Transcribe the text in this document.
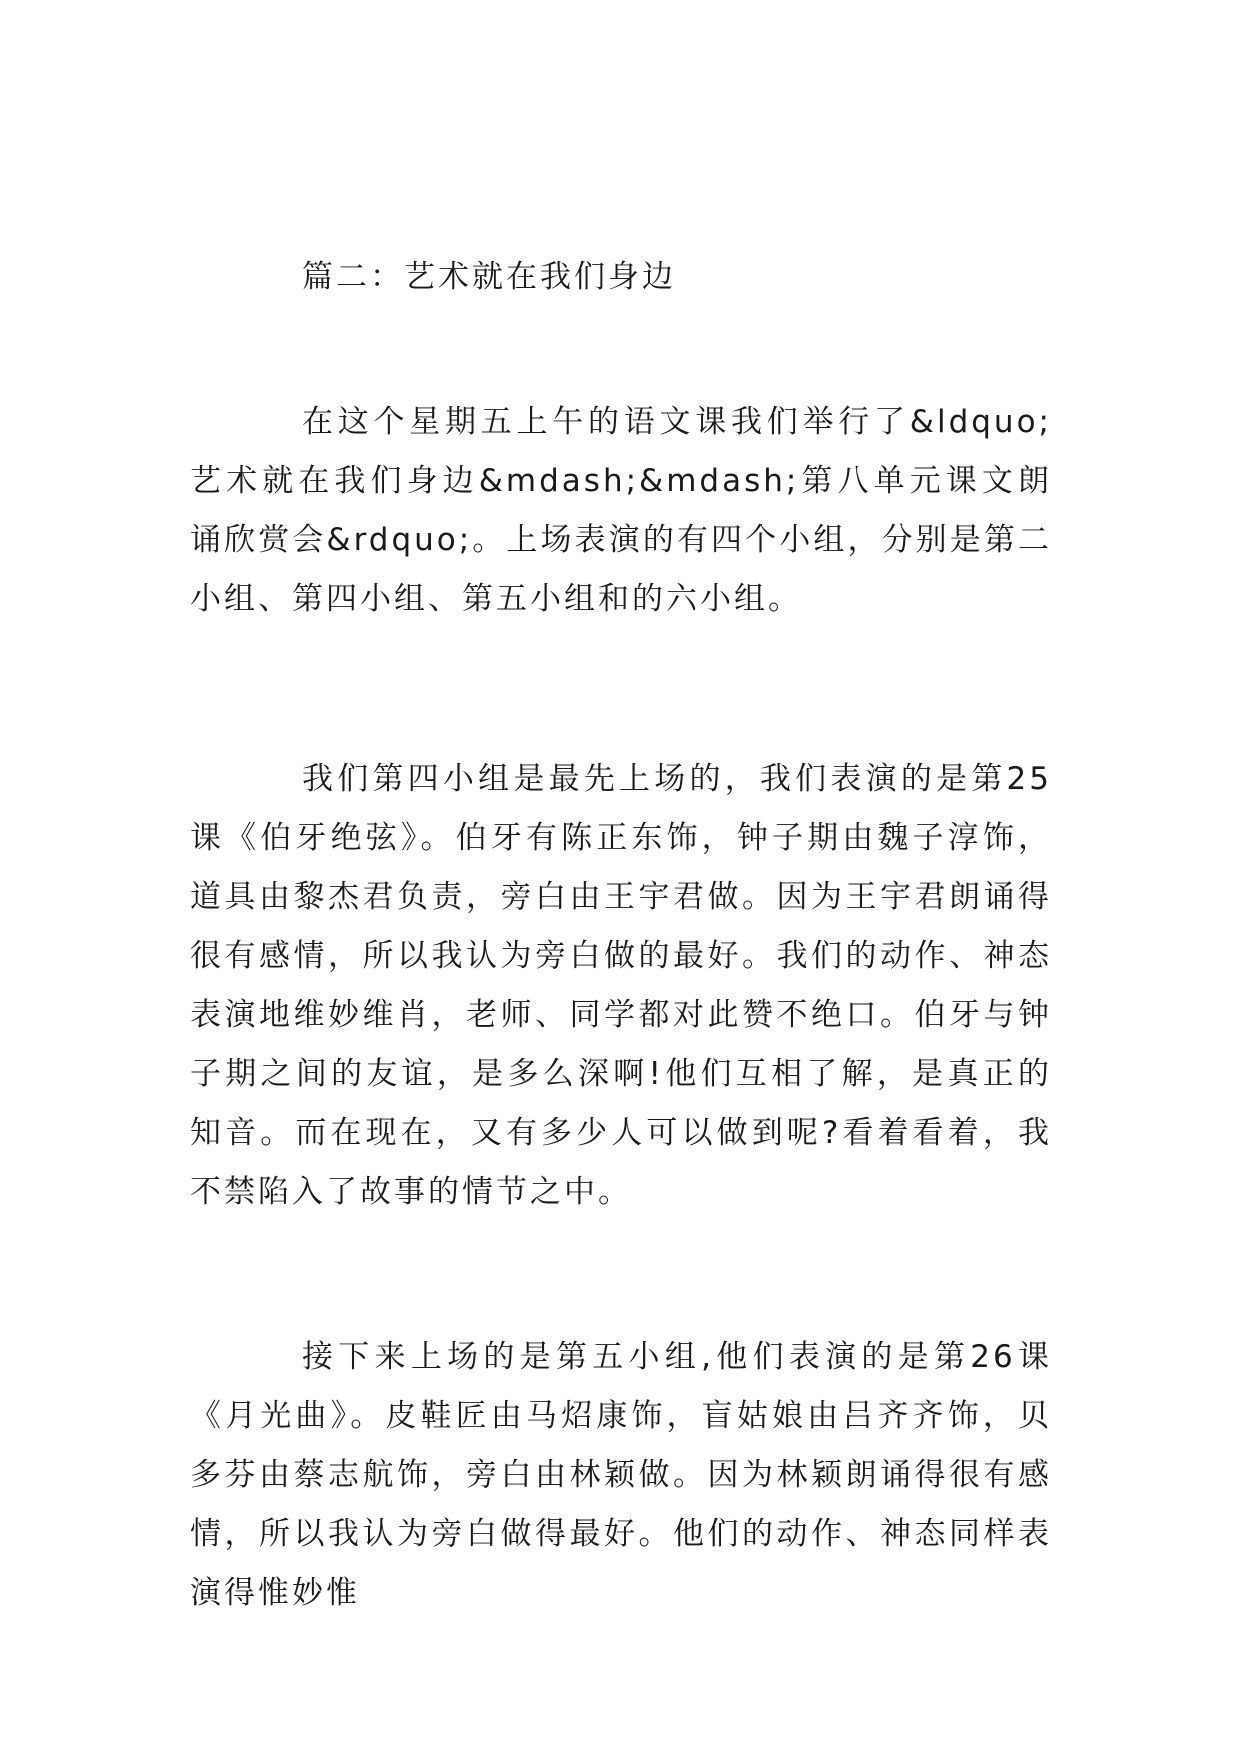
篇二：艺术就在我们身边

在这个星期五上午的语文课我们举行了&ldquo;艺术就在我们身边&mdash;&mdash;第八单元课文朗诵欣赏会&rdquo;。上场表演的有四个小组，分别是第二小组、第四小组、第五小组和的六小组。

我们第四小组是最先上场的，我们表演的是第25课《伯牙绝弦》。伯牙有陈正东饰，钟子期由魏子淳饰，道具由黎杰君负责，旁白由王宇君做。因为王宇君朗诵得很有感情，所以我认为旁白做的最好。我们的动作、神态表演地维妙维肖，老师、同学都对此赞不绝口。伯牙与钟子期之间的友谊，是多么深啊!他们互相了解，是真正的知音。而在现在，又有多少人可以做到呢?看着看着，我不禁陷入了故事的情节之中。

接下来上场的是第五小组,他们表演的是第26课《月光曲》。皮鞋匠由马炤康饰，盲姑娘由吕齐齐饰，贝多芬由蔡志航饰，旁白由林颖做。因为林颖朗诵得很有感情，所以我认为旁白做得最好。他们的动作、神态同样表演得惟妙惟
